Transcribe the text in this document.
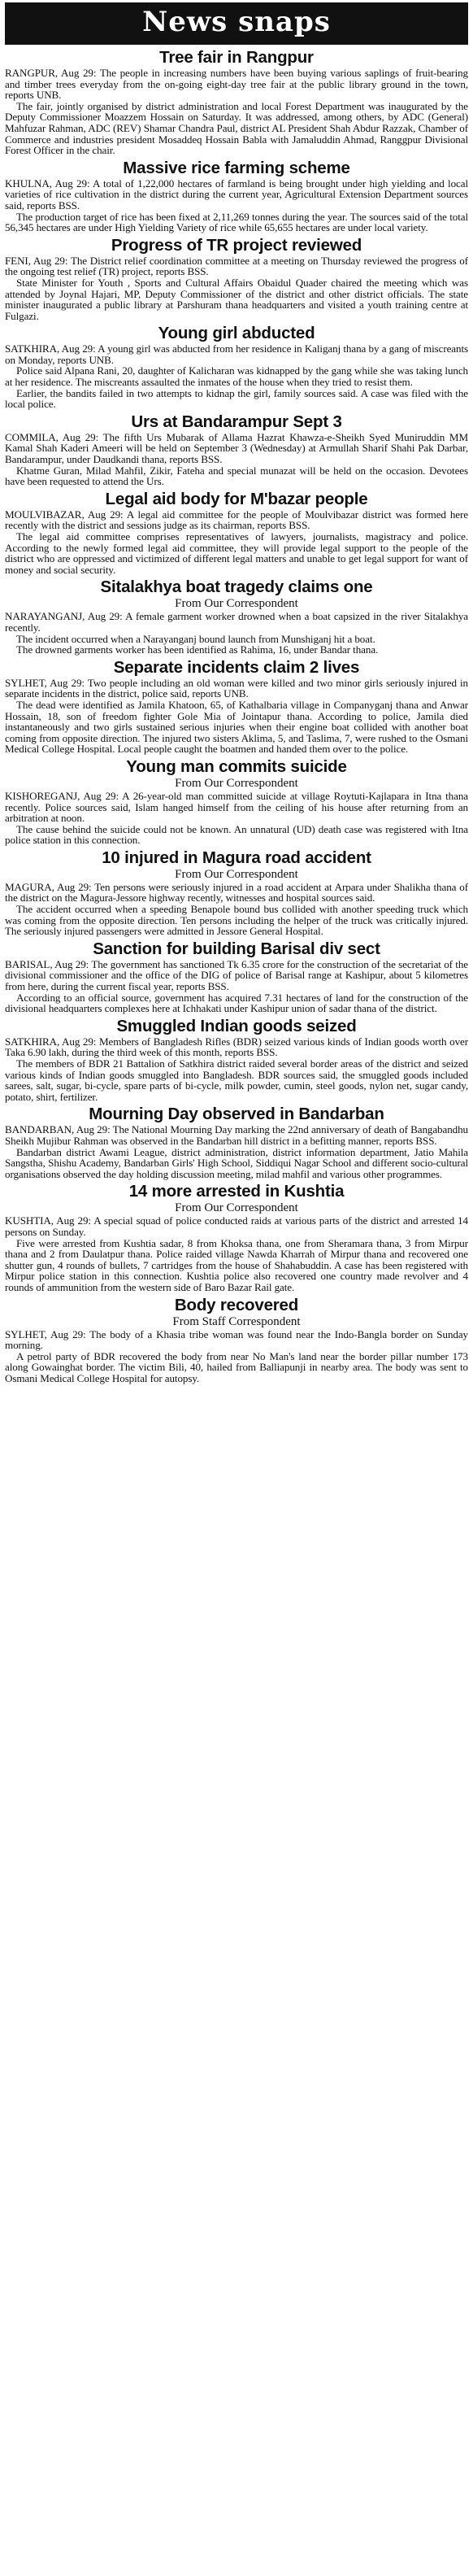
News snaps
Tree fair in Rangpur

RANGPUR, Aug 29: The people in increasing numbers have been buying various saplings of fruit-bearing and timber trees everyday from the on-going eight-day tree fair at the public library ground in the town, reports UNB.

The fair, jointly organised by district administration and local Forest Department was inaugurated by the Deputy Commissioner Moazzem Hossain on Saturday. It was addressed, among others, by ADC (General) Mahfuzar Rahman, ADC (REV) Shamar Chandra Paul, district AL President Shah Abdur Razzak, Chamber of Commerce and industries president Mosaddeq Hossain Babla with Jamaluddin Ahmad, Ranggpur Divisional Forest Officer in the chair.

Massive rice farming scheme

KHULNA, Aug 29: A total of 1,22,000 hectares of farmland is being brought under high yielding and local varieties of rice cultivation in the district during the current year, Agricultural Extension Department sources said, reports BSS.

The production target of rice has been fixed at 2,11,269 tonnes during the year. The sources said of the total 56,345 hectares are under High Yielding Variety of rice while 65,655 hectares are under local variety.

Progress of TR project reviewed

FENI, Aug 29: The District relief coordination committee at a meeting on Thursday reviewed the progress of the ongoing test relief (TR) project, reports BSS.

State Minister for Youth , Sports and Cultural Affairs Obaidul Quader chaired the meeting which was attended by Joynal Hajari, MP, Deputy Commissioner of the district and other district officials. The state minister inaugurated a public library at Parshuram thana headquarters and visited a youth training centre at Fulgazi.

Young girl abducted

SATKHIRA, Aug 29: A young girl was abducted from her residence in Kaliganj thana by a gang of miscreants on Monday, reports UNB.

Police said Alpana Rani, 20, daughter of Kalicharan was kidnapped by the gang while she was taking lunch at her residence. The miscreants assaulted the inmates of the house when they tried to resist them.

Earlier, the bandits failed in two attempts to kidnap the girl, family sources said. A case was filed with the local police.

Urs at Bandarampur Sept 3

COMMILA, Aug 29: The fifth Urs Mubarak of Allama Hazrat Khawza-e-Sheikh Syed Muniruddin MM Kamal Shah Kaderi Ameeri will be held on September 3 (Wednesday) at Armullah Sharif Shahi Pak Darbar, Bandarampur, under Daudkandi thana, reports BSS.

Khatme Guran, Milad Mahfil, Zikir, Fateha and special munazat will be held on the occasion. Devotees have been requested to attend the Urs.

Legal aid body for M'bazar people

MOULVIBAZAR, Aug 29: A legal aid committee for the people of Moulvibazar district was formed here recently with the district and sessions judge as its chairman, reports BSS.

The legal aid committee comprises representatives of lawyers, journalists, magistracy and police. According to the newly formed legal aid committee, they will provide legal support to the people of the district who are oppressed and victimized of different legal matters and unable to get legal support for want of money and social security.

Sitalakhya boat tragedy claims one
From Our Correspondent

NARAYANGANJ, Aug 29: A female garment worker drowned when a boat capsized in the river Sitalakhya recently.

The incident occurred when a Narayanganj bound launch from Munshiganj hit a boat.

The drowned garments worker has been identified as Rahima, 16, under Bandar thana.

Separate incidents claim 2 lives

SYLHET, Aug 29: Two people including an old woman were killed and two minor girls seriously injured in separate incidents in the district, police said, reports UNB.

The dead were identified as Jamila Khatoon, 65, of Kathalbaria village in Companyganj thana and Anwar Hossain, 18, son of freedom fighter Gole Mia of Jointapur thana. According to police, Jamila died instantaneously and two girls sustained serious injuries when their engine boat collided with another boat coming from opposite direction. The injured two sisters Aklima, 5, and Taslima, 7, were rushed to the Osmani Medical College Hospital. Local people caught the boatmen and handed them over to the police.

Young man commits suicide
From Our Correspondent

KISHOREGANJ, Aug 29: A 26-year-old man committed suicide at village Roytuti-Kajlapara in Itna thana recently. Police sources said, Islam hanged himself from the ceiling of his house after returning from an arbitration at noon.

The cause behind the suicide could not be known. An unnatural (UD) death case was registered with Itna police station in this connection.

10 injured in Magura road accident
From Our Correspondent

MAGURA, Aug 29: Ten persons were seriously injured in a road accident at Arpara under Shalikha thana of the district on the Magura-Jessore highway recently, witnesses and hospital sources said.

The accident occurred when a speeding Benapole bound bus collided with another speeding truck which was coming from the opposite direction. Ten persons including the helper of the truck was critically injured. The seriously injured passengers were admitted in Jessore General Hospital.

Sanction for building Barisal div sect

BARISAL, Aug 29: The government has sanctioned Tk 6.35 crore for the construction of the secretariat of the divisional commissioner and the office of the DIG of police of Barisal range at Kashipur, about 5 kilometres from here, during the current fiscal year, reports BSS.

According to an official source, government has acquired 7.31 hectares of land for the construction of the divisional headquarters complexes here at Ichhakati under Kashipur union of sadar thana of the district.

Smuggled Indian goods seized

SATKHIRA, Aug 29: Members of Bangladesh Rifles (BDR) seized various kinds of Indian goods worth over Taka 6.90 lakh, during the third week of this month, reports BSS.

The members of BDR 21 Battalion of Satkhira district raided several border areas of the district and seized various kinds of Indian goods smuggled into Bangladesh. BDR sources said, the smuggled goods included sarees, salt, sugar, bi-cycle, spare parts of bi-cycle, milk powder, cumin, steel goods, nylon net, sugar candy, potato, shirt, fertilizer.

Mourning Day observed in Bandarban

BANDARBAN, Aug 29: The National Mourning Day marking the 22nd anniversary of death of Bangabandhu Sheikh Mujibur Rahman was observed in the Bandarban hill district in a befitting manner, reports BSS.

Bandarban district Awami League, district administration, district information department, Jatio Mahila Sangstha, Shishu Academy, Bandarban Girls' High School, Siddiqui Nagar School and different socio-cultural organisations observed the day holding discussion meeting, milad mahfil and various other programmes.

14 more arrested in Kushtia
From Our Correspondent

KUSHTIA, Aug 29: A special squad of police conducted raids at various parts of the district and arrested 14 persons on Sunday.

Five were arrested from Kushtia sadar, 8 from Khoksa thana, one from Sheramara thana, 3 from Mirpur thana and 2 from Daulatpur thana. Police raided village Nawda Kharrah of Mirpur thana and recovered one shutter gun, 4 rounds of bullets, 7 cartridges from the house of Shahabuddin. A case has been registered with Mirpur police station in this connection. Kushtia police also recovered one country made revolver and 4 rounds of ammunition from the western side of Baro Bazar Rail gate.

Body recovered
From Staff Correspondent

SYLHET, Aug 29: The body of a Khasia tribe woman was found near the Indo-Bangla border on Sunday morning.

A petrol party of BDR recovered the body from near No Man's land near the border pillar number 173 along Gowainghat border. The victim Bili, 40, hailed from Balliapunji in nearby area. The body was sent to Osmani Medical College Hospital for autopsy.
